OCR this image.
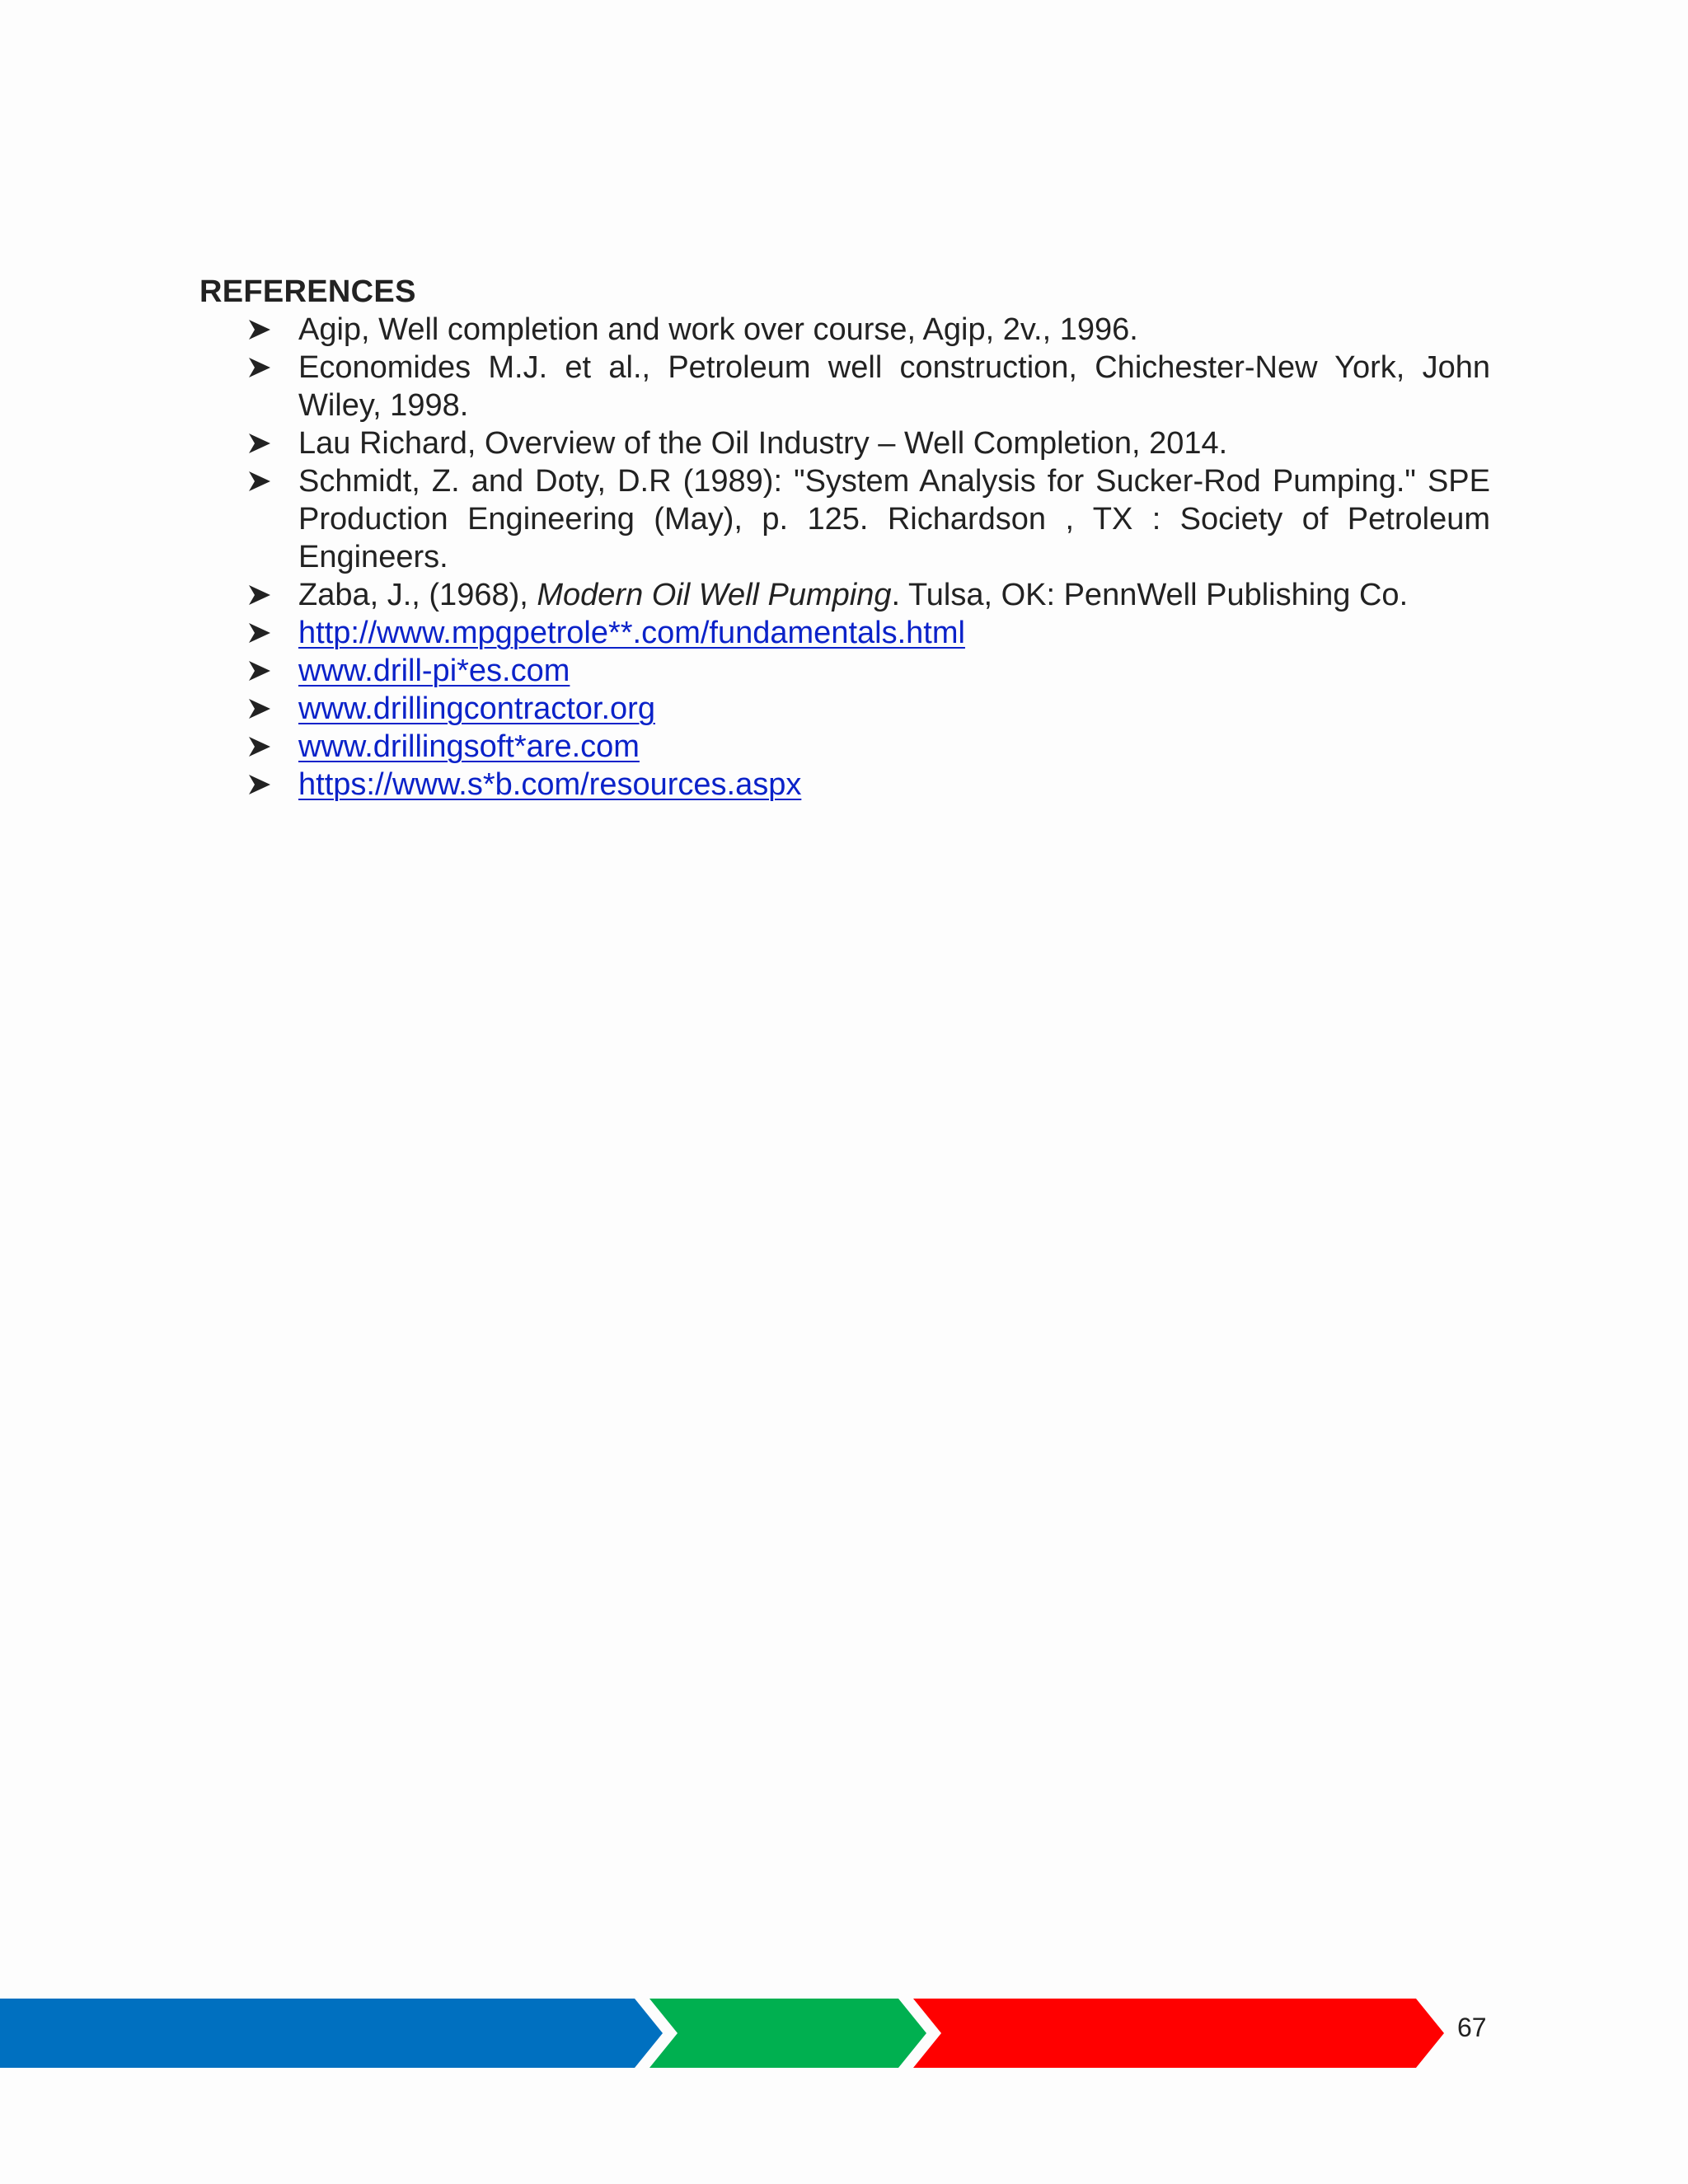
REFERENCES
Agip, Well completion and work over course, Agip, 2v., 1996.
Economides M.J. et al., Petroleum well construction, Chichester-New York, John Wiley, 1998.
Lau Richard, Overview of the Oil Industry – Well Completion, 2014.
Schmidt, Z. and Doty, D.R (1989): "System Analysis for Sucker-Rod Pumping." SPE Production Engineering (May), p. 125. Richardson , TX : Society of Petroleum Engineers.
Zaba, J., (1968), Modern Oil Well Pumping. Tulsa, OK: PennWell Publishing Co.
http://www.mpgpetrole**.com/fundamentals.html
www.drill-pi*es.com
www.drillingcontractor.org
www.drillingsoft*are.com
https://www.s*b.com/resources.aspx
67
